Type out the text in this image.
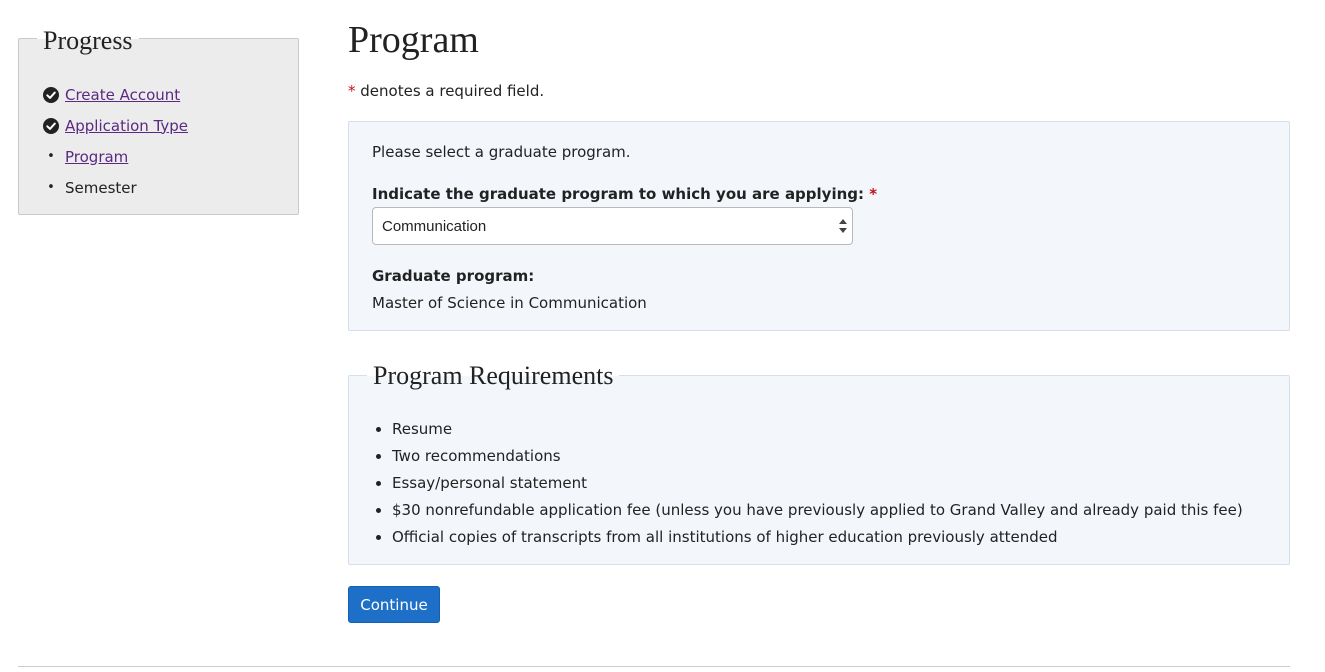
Progress
Create Account
Application Type
• Program
• Semester
Program

* denotes a required field.

Please select a graduate program.

Indicate the graduate program to which you are applying: *

Communication

Graduate program:

Master of Science in Communication

Program Requirements
• Resume
• Two recommendations
• Essay/personal statement
• $30 nonrefundable application fee (unless you have previously applied to Grand Valley and already paid this fee)
• Official copies of transcripts from all institutions of higher education previously attended
Continue
